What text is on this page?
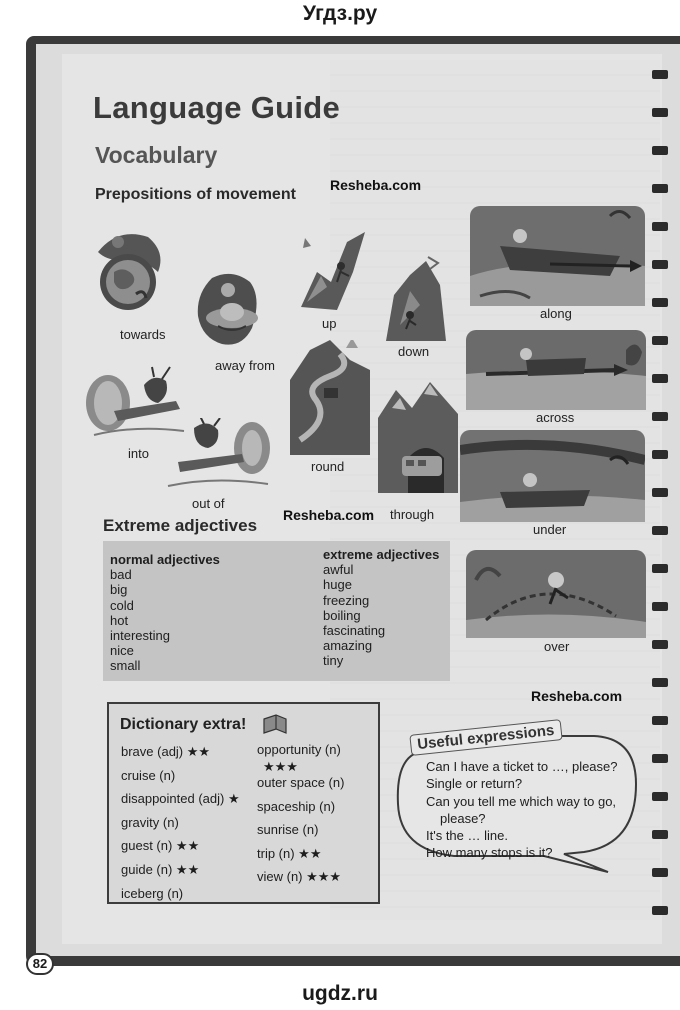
Угдз.ру
ugdz.ru
Language Guide
Vocabulary
Prepositions of movement
Resheba.com
Resheba.com
Resheba.com
towards
away from
up
down
into
out of
round
through
along
across
under
over
Extreme adjectives
normal adjectives
bad
big
cold
hot
interesting
nice
small
extreme adjectives
awful
huge
freezing
boiling
fascinating
amazing
tiny
Dictionary extra!
brave (adj) ★★
cruise (n)
disappointed (adj) ★
gravity (n)
guest (n) ★★
guide (n) ★★
iceberg (n)
opportunity (n)
★★★
outer space (n)
spaceship (n)
sunrise (n)
trip (n) ★★
view (n) ★★★
Useful expressions
Can I have a ticket to …, please?
Single or return?
Can you tell me which way to go,
please?
It's the … line.
How many stops is it?
82
